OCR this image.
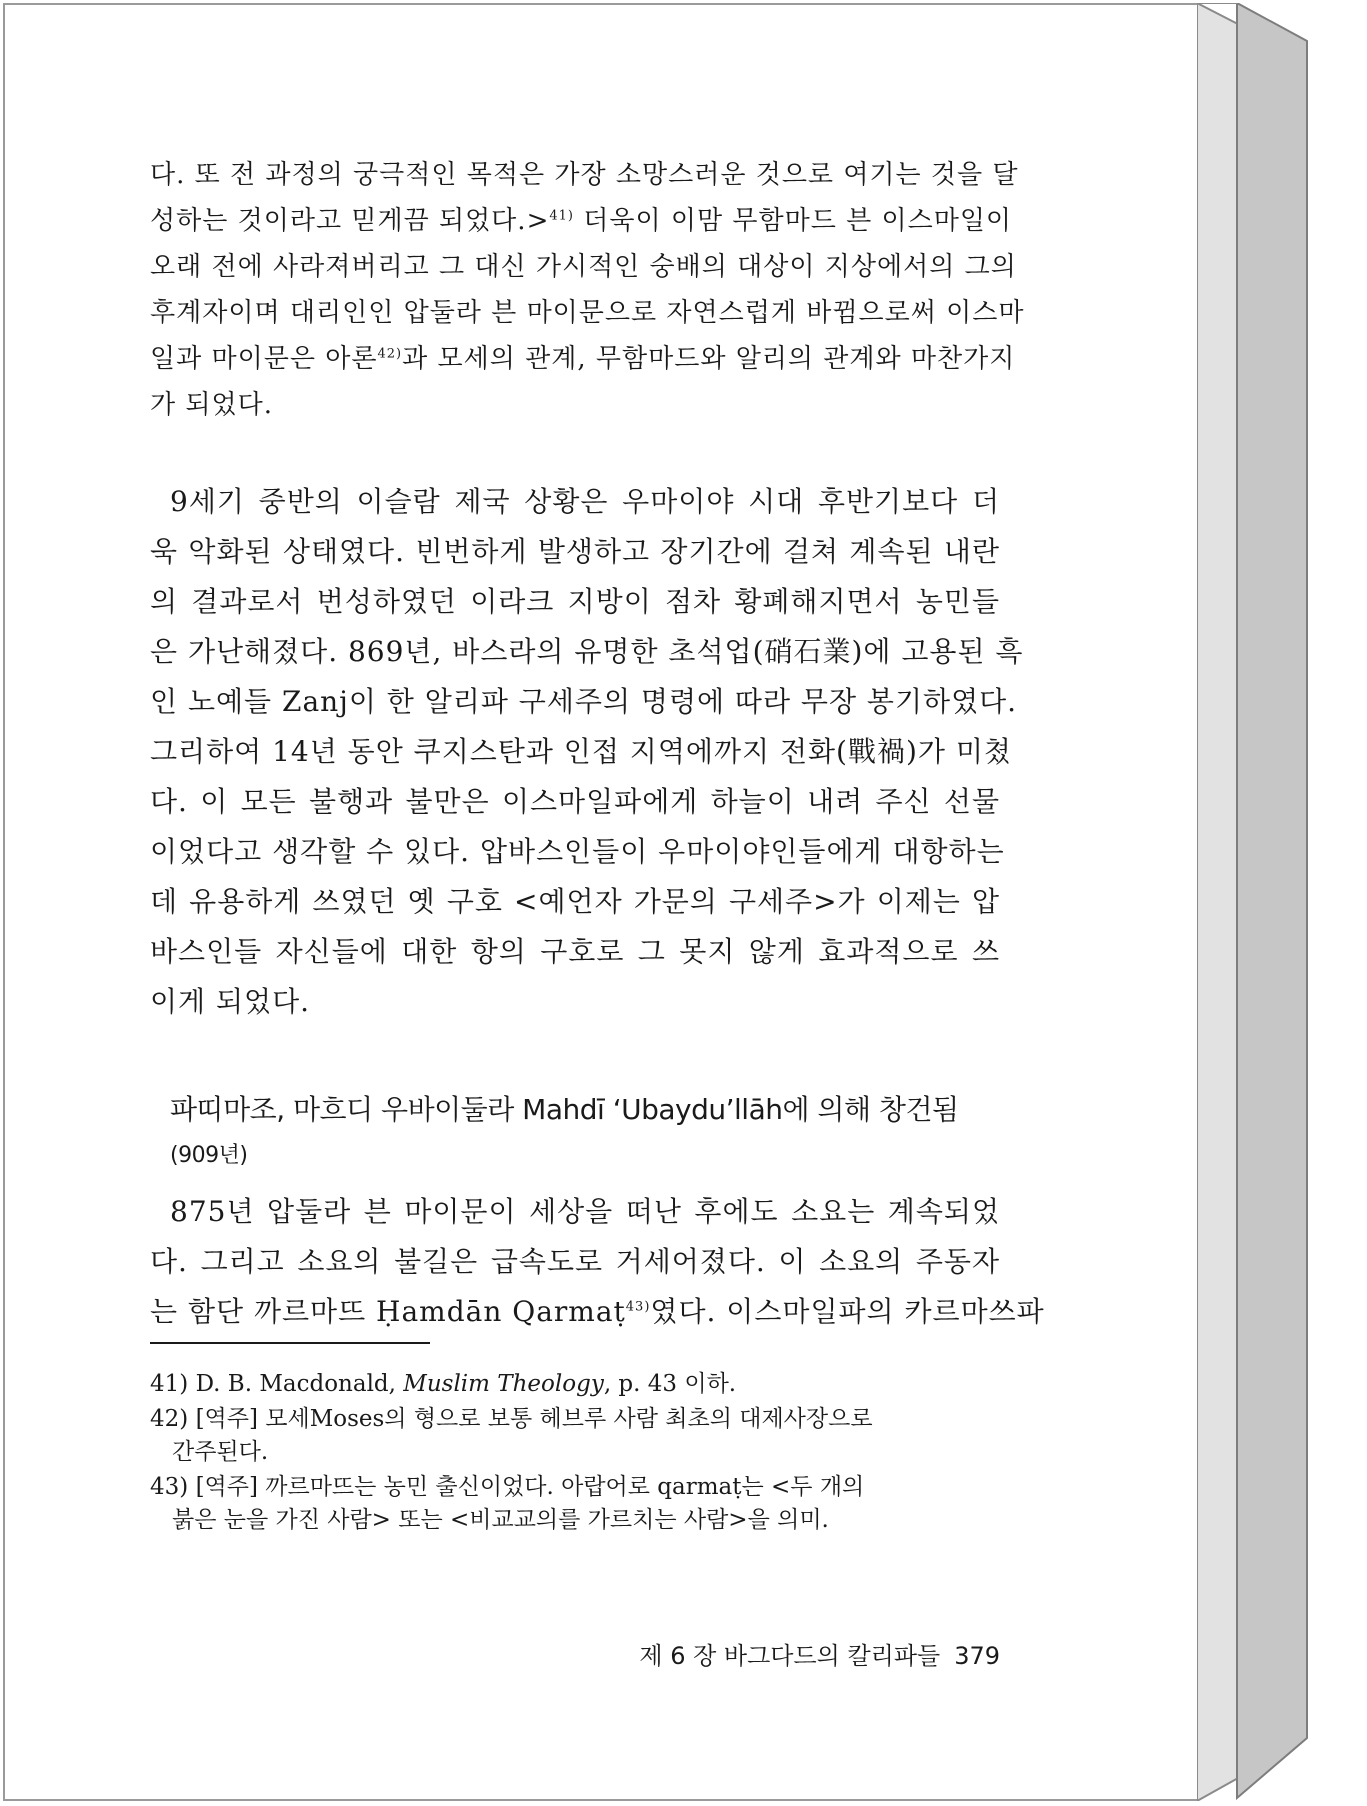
다. 또 전 과정의 궁극적인 목적은 가장 소망스러운 것으로 여기는 것을 달
성하는 것이라고 믿게끔 되었다.>$^{41)}$ 더욱이 이맘 무함마드 븐 이스마일이
오래 전에 사라져버리고 그 대신 가시적인 숭배의 대상이 지상에서의 그의
후계자이며 대리인인 압둘라 븐 마이문으로 자연스럽게 바뀜으로써 이스마
일과 마이문은 아론$^{42)}$과 모세의 관계, 무함마드와 알리의 관계와 마찬가지
가 되었다.
9세기 중반의 이슬람 제국 상황은 우마이야 시대 후반기보다 더
욱 악화된 상태였다. 빈번하게 발생하고 장기간에 걸쳐 계속된 내란
의 결과로서 번성하였던 이라크 지방이 점차 황폐해지면서 농민들
은 가난해졌다. 869년, 바스라의 유명한 초석업(硝石業)에 고용된 흑
인 노예들 Zanj이 한 알리파 구세주의 명령에 따라 무장 봉기하였다.
그리하여 14년 동안 쿠지스탄과 인접 지역에까지 전화(戰禍)가 미쳤
다. 이 모든 불행과 불만은 이스마일파에게 하늘이 내려 주신 선물
이었다고 생각할 수 있다. 압바스인들이 우마이야인들에게 대항하는
데 유용하게 쓰였던 옛 구호 <예언자 가문의 구세주>가 이제는 압
바스인들 자신들에 대한 항의 구호로 그 못지 않게 효과적으로 쓰
이게 되었다.
875년 압둘라 븐 마이문이 세상을 떠난 후에도 소요는 계속되었
다. 그리고 소요의 불길은 급속도로 거세어졌다. 이 소요의 주동자
는 함단 까르마뜨 Ḥamdān Qarmaṭ$^{43)}$였다. 이스마일파의 카르마쓰파
파띠마조, 마흐디 우바이둘라 Mahdī ‘Ubaydu’llāh에 의해 창건됨
(909년)
41) D. B. Macdonald, Muslim Theology, p. 43 이하.
42) [역주] 모세Moses의 형으로 보통 헤브루 사람 최초의 대제사장으로
간주된다.
43) [역주] 까르마뜨는 농민 출신이었다. 아랍어로 qarmaṭ는 <두 개의
붉은 눈을 가진 사람> 또는 <비교교의를 가르치는 사람>을 의미.
제 6 장 바그다드의 칼리파들 379
